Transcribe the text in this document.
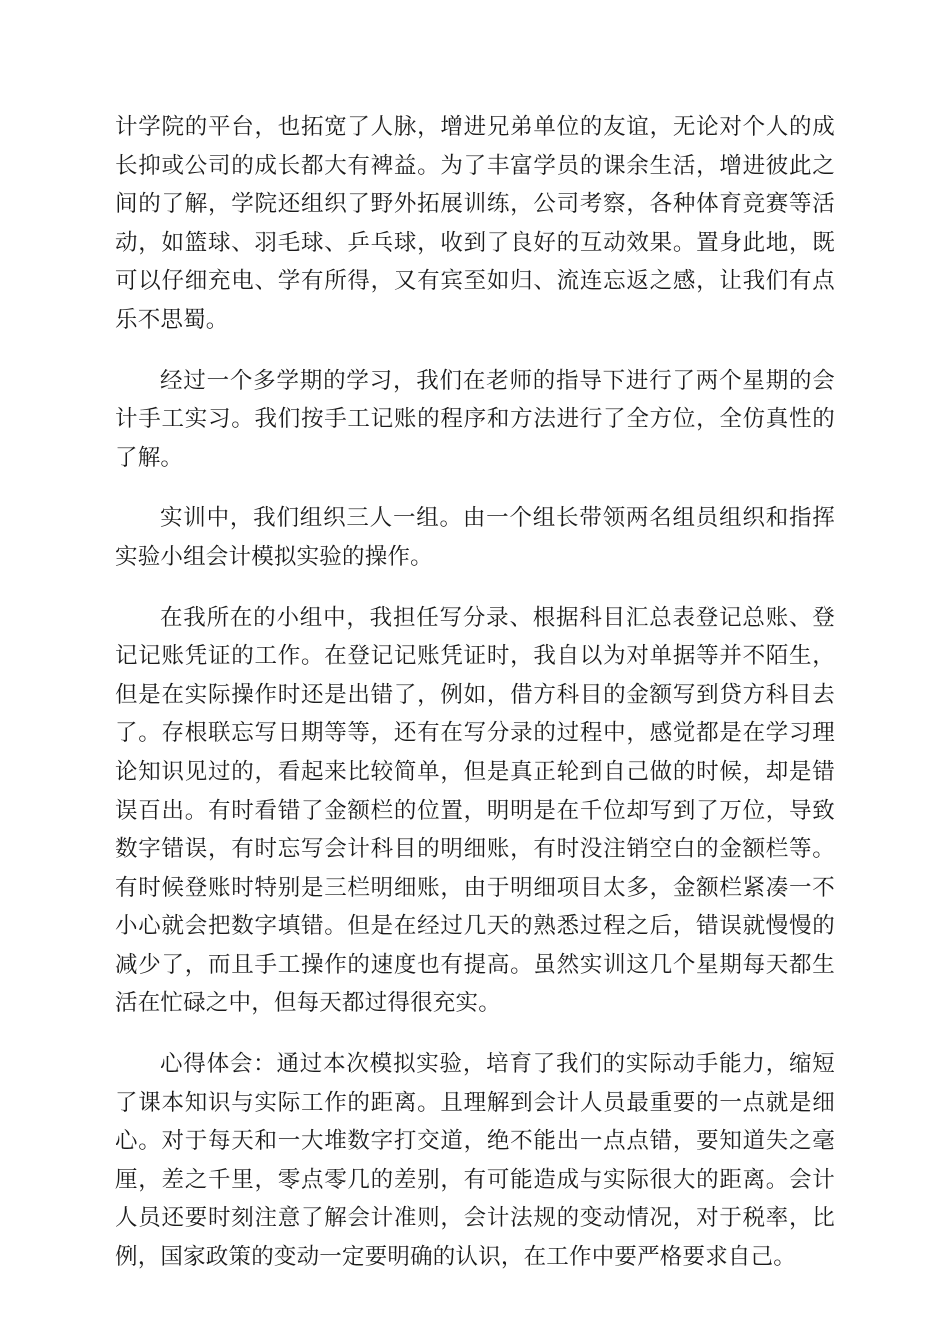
计学院的平台，也拓宽了人脉，增进兄弟单位的友谊，无论对个人的成长抑或公司的成长都大有裨益。为了丰富学员的课余生活，增进彼此之间的了解，学院还组织了野外拓展训练，公司考察，各种体育竞赛等活动，如篮球、羽毛球、乒乓球，收到了良好的互动效果。置身此地，既可以仔细充电、学有所得，又有宾至如归、流连忘返之感，让我们有点乐不思蜀。

经过一个多学期的学习，我们在老师的指导下进行了两个星期的会计手工实习。我们按手工记账的程序和方法进行了全方位，全仿真性的了解。

实训中，我们组织三人一组。由一个组长带领两名组员组织和指挥实验小组会计模拟实验的操作。

在我所在的小组中，我担任写分录、根据科目汇总表登记总账、登记记账凭证的工作。在登记记账凭证时，我自以为对单据等并不陌生，但是在实际操作时还是出错了，例如，借方科目的金额写到贷方科目去了。存根联忘写日期等等，还有在写分录的过程中，感觉都是在学习理论知识见过的，看起来比较简单，但是真正轮到自己做的时候，却是错误百出。有时看错了金额栏的位置，明明是在千位却写到了万位，导致数字错误，有时忘写会计科目的明细账，有时没注销空白的金额栏等。有时候登账时特别是三栏明细账，由于明细项目太多，金额栏紧凑一不小心就会把数字填错。但是在经过几天的熟悉过程之后，错误就慢慢的减少了，而且手工操作的速度也有提高。虽然实训这几个星期每天都生活在忙碌之中，但每天都过得很充实。

心得体会：通过本次模拟实验，培育了我们的实际动手能力，缩短了课本知识与实际工作的距离。且理解到会计人员最重要的一点就是细心。对于每天和一大堆数字打交道，绝不能出一点点错，要知道失之毫厘，差之千里，零点零几的差别，有可能造成与实际很大的距离。会计人员还要时刻注意了解会计准则，会计法规的变动情况，对于税率，比例，国家政策的变动一定要明确的认识，在工作中要严格要求自己。
